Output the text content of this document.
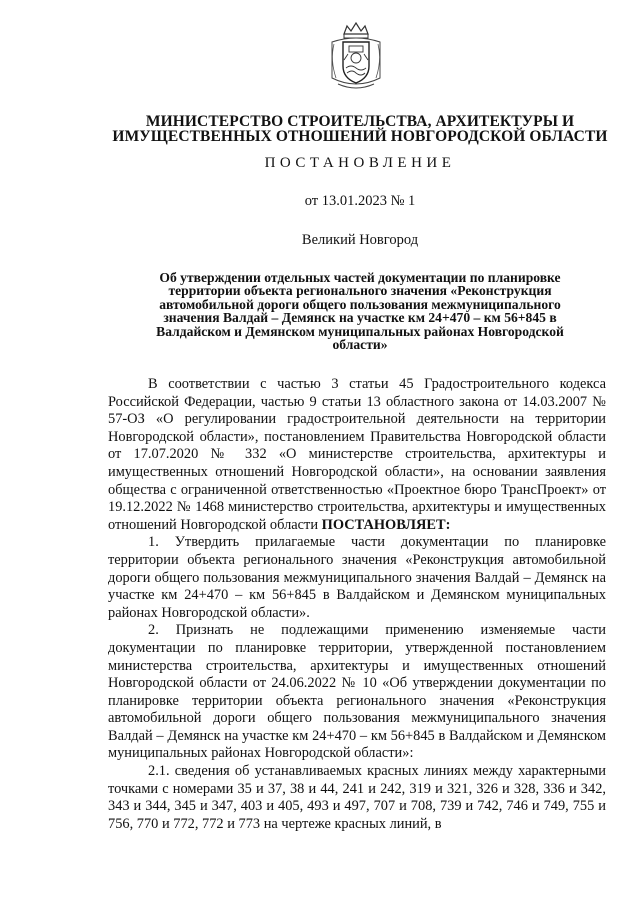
МИНИСТЕРСТВО СТРОИТЕЛЬСТВА, АРХИТЕКТУРЫ И
ИМУЩЕСТВЕННЫХ ОТНОШЕНИЙ НОВГОРОДСКОЙ ОБЛАСТИ
ПОСТАНОВЛЕНИЕ
от 13.01.2023 № 1
Великий Новгород
Об утверждении отдельных частей документации по планировке территории объекта регионального значения «Реконструкция автомобильной дороги общего пользования межмуниципального значения Валдай – Демянск на участке км 24+470 – км 56+845 в Валдайском и Демянском муниципальных районах Новгородской области»

В соответствии с частью 3 статьи 45 Градостроительного кодекса Российской Федерации, частью 9 статьи 13 областного закона от 14.03.2007 № 57-ОЗ «О регулировании градостроительной деятельности на территории Новгородской области», постановлением Правительства Новгородской области от 17.07.2020 № 332 «О министерстве строительства, архитектуры и имущественных отношений Новгородской области», на основании заявления общества с ограниченной ответственностью «Проектное бюро ТрансПроект» от 19.12.2022 № 1468 министерство строительства, архитектуры и имущественных отношений Новгородской области ПОСТАНОВЛЯЕТ:

1. Утвердить прилагаемые части документации по планировке территории объекта регионального значения «Реконструкция автомобильной дороги общего пользования межмуниципального значения Валдай – Демянск на участке км 24+470 – км 56+845 в Валдайском и Демянском муниципальных районах Новгородской области».

2. Признать не подлежащими применению изменяемые части документации по планировке территории, утвержденной постановлением министерства строительства, архитектуры и имущественных отношений Новгородской области от 24.06.2022 № 10 «Об утверждении документации по планировке территории объекта регионального значения «Реконструкция автомобильной дороги общего пользования межмуниципального значения Валдай – Демянск на участке км 24+470 – км 56+845 в Валдайском и Демянском муниципальных районах Новгородской области»:

2.1. сведения об устанавливаемых красных линиях между характерными точками с номерами 35 и 37, 38 и 44, 241 и 242, 319 и 321, 326 и 328, 336 и 342, 343 и 344, 345 и 347, 403 и 405, 493 и 497, 707 и 708, 739 и 742, 746 и 749, 755 и 756, 770 и 772, 772 и 773 на чертеже красных линий, в
